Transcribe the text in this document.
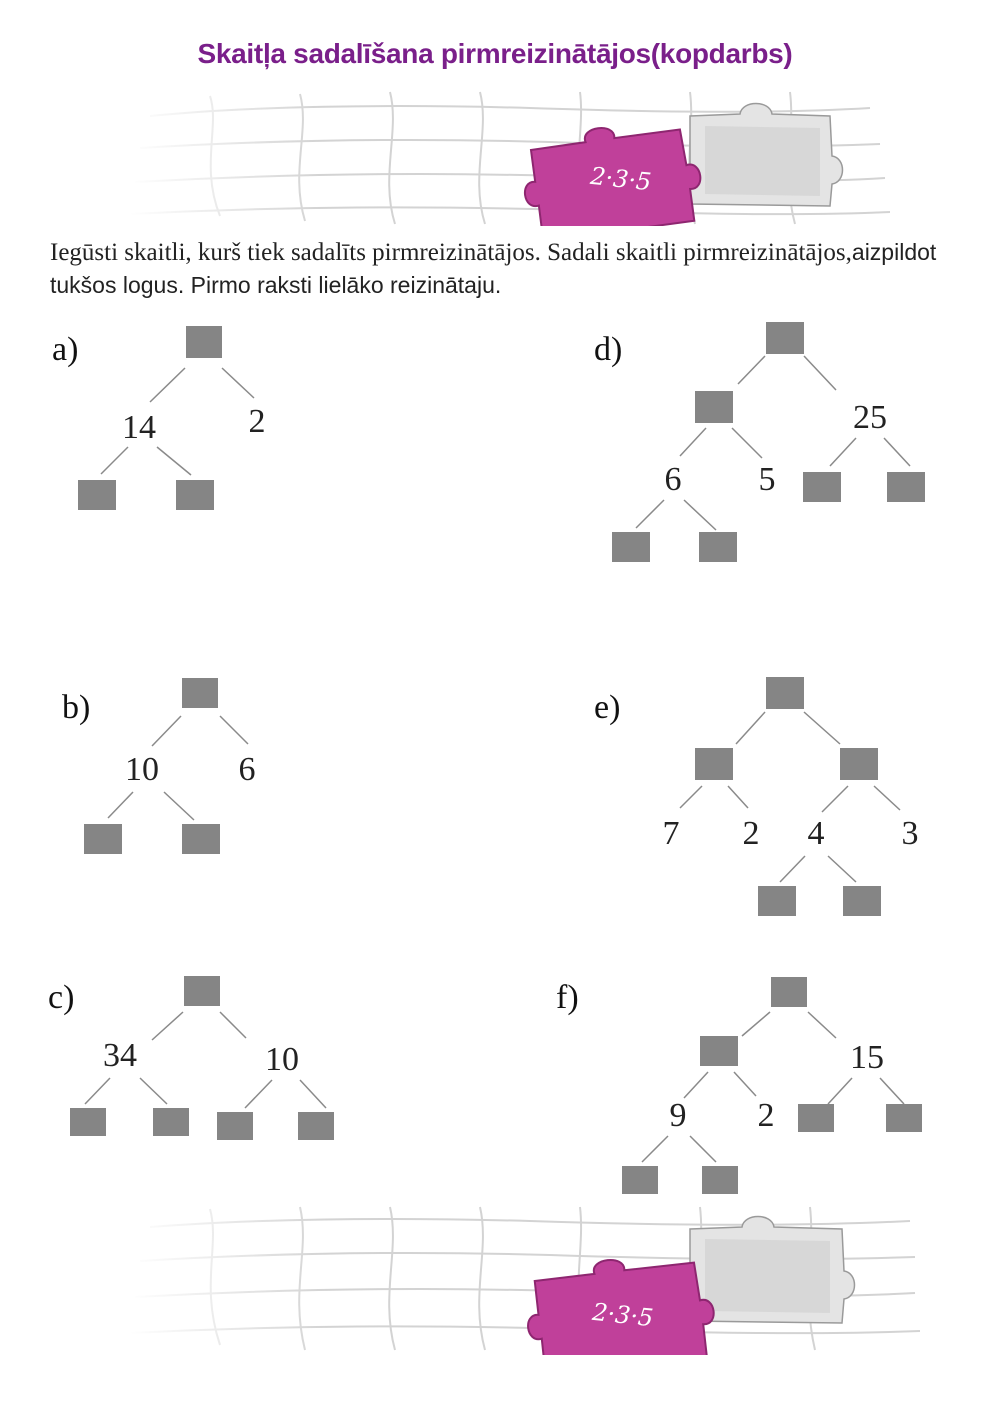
Skaitļa sadalīšana pirmreizinātājos(kopdarbs)
2·3·5
Iegūsti skaitli, kurš tiek sadalīts pirmreizinātājos. Sadali skaitli pirmreizinātājos,aizpildot tukšos logus. Pirmo raksti lielāko reizinātaju.
a)
14	2
b)
10 6
c)
34	10
d)
25
6 5
e)
7 2 4 3
f)
15
9 2
2·3·5
